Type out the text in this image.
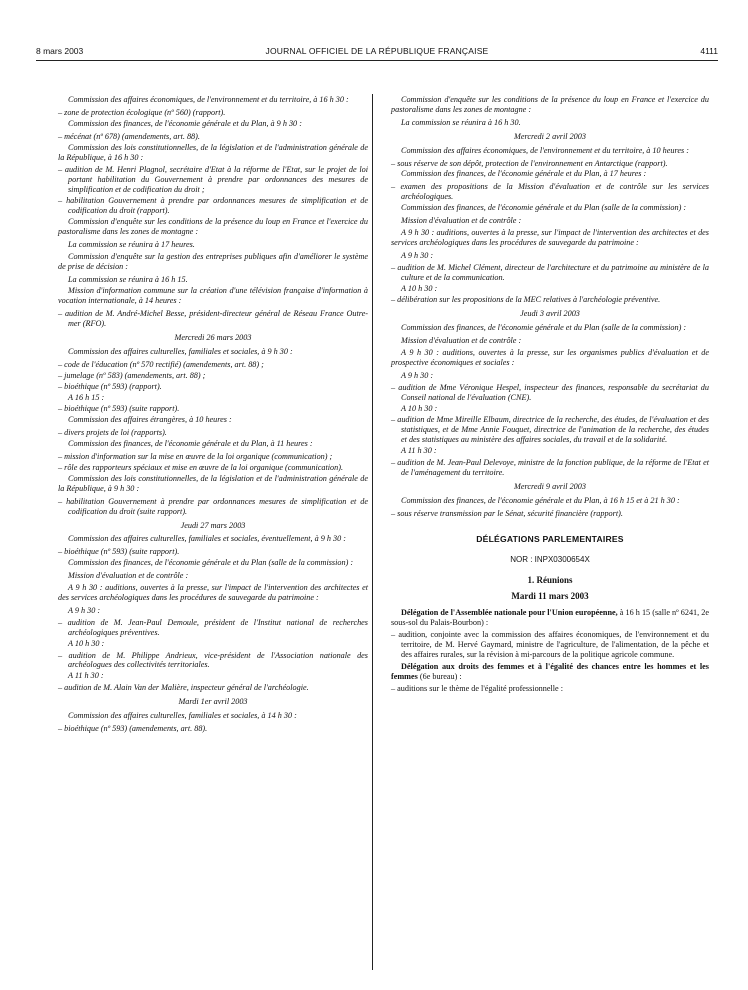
8 mars 2003	JOURNAL OFFICIEL DE LA RÉPUBLIQUE FRANÇAISE	4111

Commission des affaires économiques, de l'environnement et du territoire, à 16 h 30 :

– zone de protection écologique (nº 560) (rapport).

Commission des finances, de l'économie générale et du Plan, à 9 h 30 :

– mécénat (nº 678) (amendements, art. 88).

Commission des lois constitutionnelles, de la législation et de l'administration générale de la République, à 16 h 30 :

– audition de M. Henri Plagnol, secrétaire d'Etat à la réforme de l'Etat, sur le projet de loi portant habilitation du Gouvernement à prendre par ordonnances des mesures de simplification et de codification du droit ;

– habilitation Gouvernement à prendre par ordonnances mesures de simplification et de codification du droit (rapport).

Commission d'enquête sur les conditions de la présence du loup en France et l'exercice du pastoralisme dans les zones de montagne :

La commission se réunira à 17 heures.

Commission d'enquête sur la gestion des entreprises publiques afin d'améliorer le système de prise de décision :

La commission se réunira à 16 h 15.

Mission d'information commune sur la création d'une télévision française d'information à vocation internationale, à 14 heures :

– audition de M. André-Michel Besse, président-directeur général de Réseau France Outre-mer (RFO).

Mercredi 26 mars 2003

Commission des affaires culturelles, familiales et sociales, à 9 h 30 :

– code de l'éducation (nº 570 rectifié) (amendements, art. 88) ;

– jumelage (nº 583) (amendements, art. 88) ;

– bioéthique (nº 593) (rapport).

A 16 h 15 :

– bioéthique (nº 593) (suite rapport).

Commission des affaires étrangères, à 10 heures :

– divers projets de loi (rapports).

Commission des finances, de l'économie générale et du Plan, à 11 heures :

– mission d'information sur la mise en œuvre de la loi organique (communication) ;

– rôle des rapporteurs spéciaux et mise en œuvre de la loi organique (communication).

Commission des lois constitutionnelles, de la législation et de l'administration générale de la République, à 9 h 30 :

– habilitation Gouvernement à prendre par ordonnances mesures de simplification et de codification du droit (suite rapport).

Jeudi 27 mars 2003

Commission des affaires culturelles, familiales et sociales, éventuellement, à 9 h 30 :

– bioéthique (nº 593) (suite rapport).

Commission des finances, de l'économie générale et du Plan (salle de la commission) :

Mission d'évaluation et de contrôle :

A 9 h 30 : auditions, ouvertes à la presse, sur l'impact de l'intervention des architectes et des services archéologiques dans les procédures de sauvegarde du patrimoine :

A 9 h 30 :

– audition de M. Jean-Paul Demoule, président de l'Institut national de recherches archéologiques préventives.

A 10 h 30 :

– audition de M. Philippe Andrieux, vice-président de l'Association nationale des archéologues des collectivités territoriales.

A 11 h 30 :

– audition de M. Alain Van der Malière, inspecteur général de l'archéologie.

Mardi 1er avril 2003

Commission des affaires culturelles, familiales et sociales, à 14 h 30 :

– bioéthique (nº 593) (amendements, art. 88).

Commission d'enquête sur les conditions de la présence du loup en France et l'exercice du pastoralisme dans les zones de montagne :

La commission se réunira à 16 h 30.

Mercredi 2 avril 2003

Commission des affaires économiques, de l'environnement et du territoire, à 10 heures :

– sous réserve de son dépôt, protection de l'environnement en Antarctique (rapport).

Commission des finances, de l'économie générale et du Plan, à 17 heures :

– examen des propositions de la Mission d'évaluation et de contrôle sur les services archéologiques.

Commission des finances, de l'économie générale et du Plan (salle de la commission) :

Mission d'évaluation et de contrôle :

A 9 h 30 : auditions, ouvertes à la presse, sur l'impact de l'intervention des architectes et des services archéologiques dans les procédures de sauvegarde du patrimoine :

A 9 h 30 :

– audition de M. Michel Clément, directeur de l'architecture et du patrimoine au ministère de la culture et de la communication.

A 10 h 30 :

– délibération sur les propositions de la MEC relatives à l'archéologie préventive.

Jeudi 3 avril 2003

Commission des finances, de l'économie générale et du Plan (salle de la commission) :

Mission d'évaluation et de contrôle :

A 9 h 30 : auditions, ouvertes à la presse, sur les organismes publics d'évaluation et de prospective économiques et sociales :

A 9 h 30 :

– audition de Mme Véronique Hespel, inspecteur des finances, responsable du secrétariat du Conseil national de l'évaluation (CNE).

A 10 h 30 :

– audition de Mme Mireille Elbaum, directrice de la recherche, des études, de l'évaluation et des statistiques, et de Mme Annie Fouquet, directrice de l'animation de la recherche, des études et des statistiques au ministère des affaires sociales, du travail et de la solidarité.

A 11 h 30 :

– audition de M. Jean-Paul Delevoye, ministre de la fonction publique, de la réforme de l'Etat et de l'aménagement du territoire.

Mercredi 9 avril 2003

Commission des finances, de l'économie générale et du Plan, à 16 h 15 et à 21 h 30 :

– sous réserve transmission par le Sénat, sécurité financière (rapport).

DÉLÉGATIONS PARLEMENTAIRES

NOR : INPX0300654X

1. Réunions

Mardi 11 mars 2003

Délégation de l'Assemblée nationale pour l'Union européenne, à 16 h 15 (salle nº 6241, 2e sous-sol du Palais-Bourbon) :

– audition, conjointe avec la commission des affaires économiques, de l'environnement et du territoire, de M. Hervé Gaymard, ministre de l'agriculture, de l'alimentation, de la pêche et des affaires rurales, sur la révision à mi-parcours de la politique agricole commune.

Délégation aux droits des femmes et à l'égalité des chances entre les hommes et les femmes (6e bureau) :

– auditions sur le thème de l'égalité professionnelle :
